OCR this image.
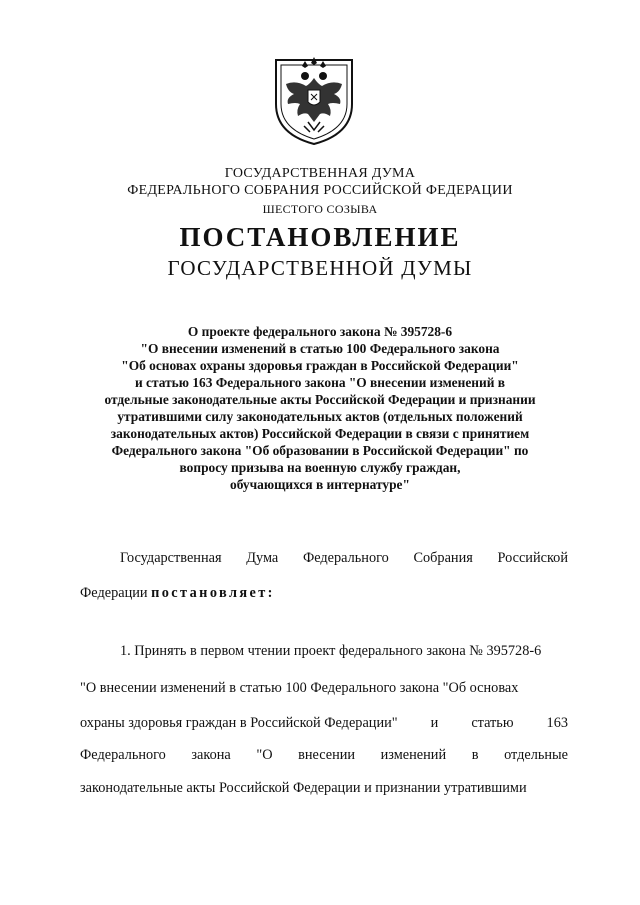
ГОСУДАРСТВЕННАЯ ДУМА
ФЕДЕРАЛЬНОГО СОБРАНИЯ РОССИЙСКОЙ ФЕДЕРАЦИИ
ШЕСТОГО СОЗЫВА
ПОСТАНОВЛЕНИЕ
ГОСУДАРСТВЕННОЙ ДУМЫ
О проекте федерального закона № 395728-6
"О внесении изменений в статью 100 Федерального закона
"Об основах охраны здоровья граждан в Российской Федерации"
и статью 163 Федерального закона "О внесении изменений в
отдельные законодательные акты Российской Федерации и признании
утратившими силу законодательных актов (отдельных положений
законодательных актов) Российской Федерации в связи с принятием
Федерального закона "Об образовании в Российской Федерации" по
вопросу призыва на военную службу граждан,
обучающихся в интернатуре"
Государственная Дума Федерального Собрания Российской
Федерации постановляет:
1. Принять в первом чтении проект федерального закона № 395728-6
"О внесении изменений в статью 100 Федерального закона "Об основах
охраны здоровья граждан в Российской Федерации" и статью 163
Федерального закона "О внесении изменений в отдельные
законодательные акты Российской Федерации и признании утратившими
